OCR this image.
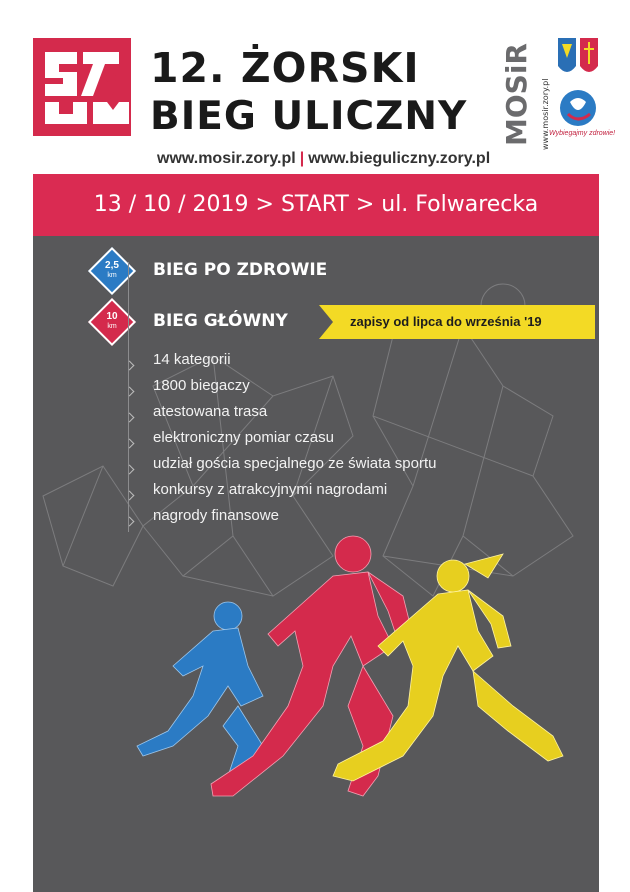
12. ŻORSKI
BIEG ULICZNY
www.mosir.zory.pl | www.bieguliczny.zory.pl
MOSiR www.mosir.zory.pl Wybiegajmy zdrowie!
13 / 10 / 2019 > START > ul. Folwarecka
2,5
km
10
km
BIEG PO ZDROWIE
BIEG GŁÓWNY	zapisy od lipca do września '19
14 kategorii
1800 biegaczy
atestowana trasa
elektroniczny pomiar czasu
udział gościa specjalnego ze świata sportu
konkursy z atrakcyjnymi nagrodami
nagrody finansowe
